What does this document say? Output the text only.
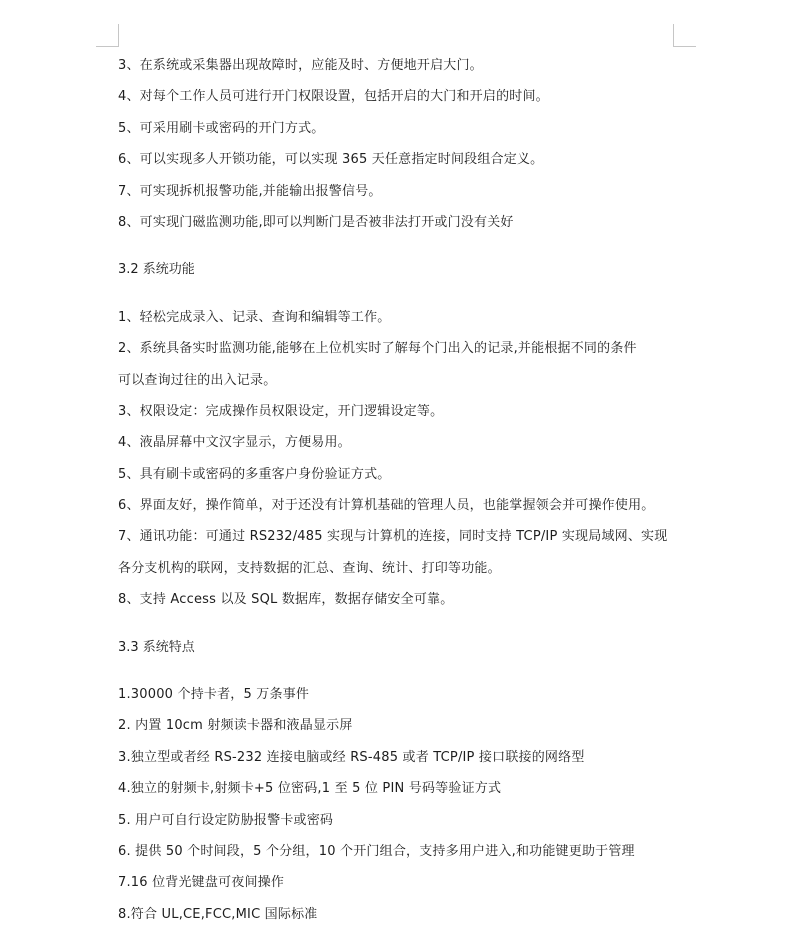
3、在系统或采集器出现故障时，应能及时、方便地开启大门。
4、对每个工作人员可进行开门权限设置，包括开启的大门和开启的时间。
5、可采用刷卡或密码的开门方式。
6、可以实现多人开锁功能，可以实现 365 天任意指定时间段组合定义。
7、可实现拆机报警功能,并能输出报警信号。
8、可实现门磁监测功能,即可以判断门是否被非法打开或门没有关好
3.2 系统功能
1、轻松完成录入、记录、查询和编辑等工作。
2、系统具备实时监测功能,能够在上位机实时了解每个门出入的记录,并能根据不同的条件
可以查询过往的出入记录。
3、权限设定：完成操作员权限设定，开门逻辑设定等。
4、液晶屏幕中文汉字显示，方便易用。
5、具有刷卡或密码的多重客户身份验证方式。
6、界面友好，操作简单，对于还没有计算机基础的管理人员，也能掌握领会并可操作使用。
7、通讯功能：可通过 RS232/485 实现与计算机的连接，同时支持 TCP/IP 实现局域网、实现
各分支机构的联网，支持数据的汇总、查询、统计、打印等功能。
8、支持 Access 以及 SQL 数据库，数据存储安全可靠。
3.3 系统特点
1.30000 个持卡者，5 万条事件
2. 内置 10cm 射频读卡器和液晶显示屏
3.独立型或者经 RS-232 连接电脑或经 RS-485 或者 TCP/IP 接口联接的网络型
4.独立的射频卡,射频卡+5 位密码,1 至 5 位 PIN 号码等验证方式
5. 用户可自行设定防胁报警卡或密码
6. 提供 50 个时间段，5 个分组，10 个开门组合，支持多用户进入,和功能键更助于管理
7.16 位背光键盘可夜间操作
8.符合 UL,CE,FCC,MIC 国际标准
